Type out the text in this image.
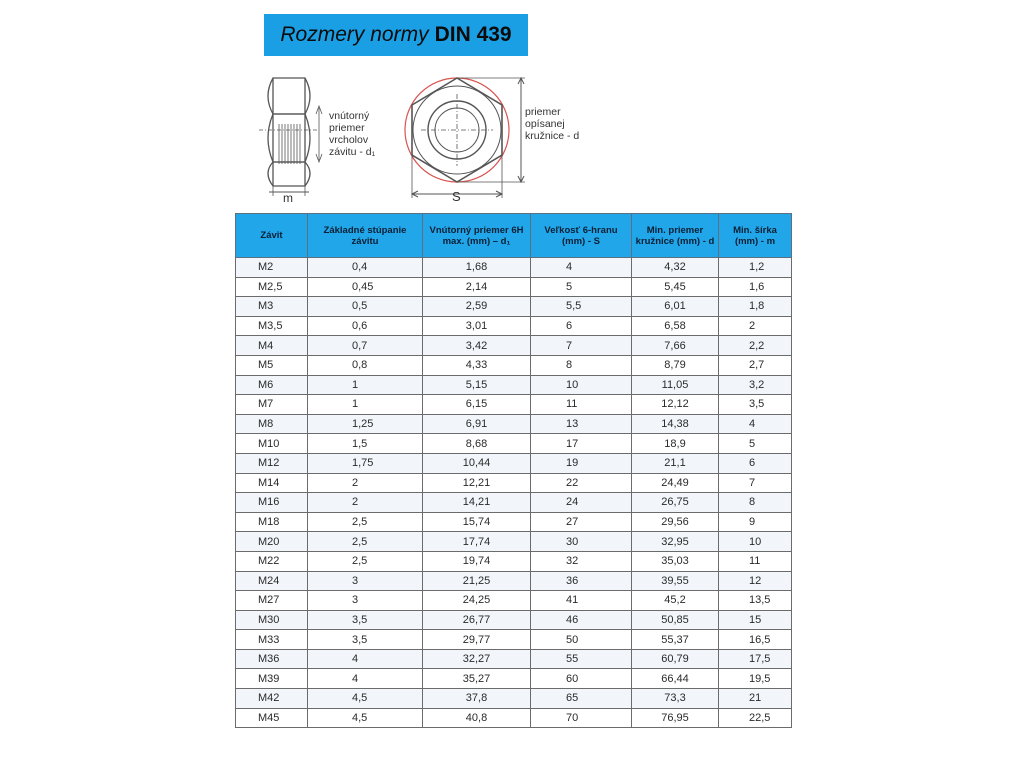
Rozmery normy DIN 439
vnútorný
priemer
vrcholov
závitu - d₁
m
priemer
opísanej
kružnice - d
S
Závit	Základné stúpanie závitu	Vnútorný priemer 6H max. (mm) – d₁	Veľkosť 6-hranu (mm) - S	Min. priemer kružnice (mm) - d	Min. šírka (mm) - m
M2	0,4	1,68	4	4,32	1,2
M2,5	0,45	2,14	5	5,45	1,6
M3	0,5	2,59	5,5	6,01	1,8
M3,5	0,6	3,01	6	6,58	2
M4	0,7	3,42	7	7,66	2,2
M5	0,8	4,33	8	8,79	2,7
M6	1	5,15	10	11,05	3,2
M7	1	6,15	11	12,12	3,5
M8	1,25	6,91	13	14,38	4
M10	1,5	8,68	17	18,9	5
M12	1,75	10,44	19	21,1	6
M14	2	12,21	22	24,49	7
M16	2	14,21	24	26,75	8
M18	2,5	15,74	27	29,56	9
M20	2,5	17,74	30	32,95	10
M22	2,5	19,74	32	35,03	11
M24	3	21,25	36	39,55	12
M27	3	24,25	41	45,2	13,5
M30	3,5	26,77	46	50,85	15
M33	3,5	29,77	50	55,37	16,5
M36	4	32,27	55	60,79	17,5
M39	4	35,27	60	66,44	19,5
M42	4,5	37,8	65	73,3	21
M45	4,5	40,8	70	76,95	22,5
